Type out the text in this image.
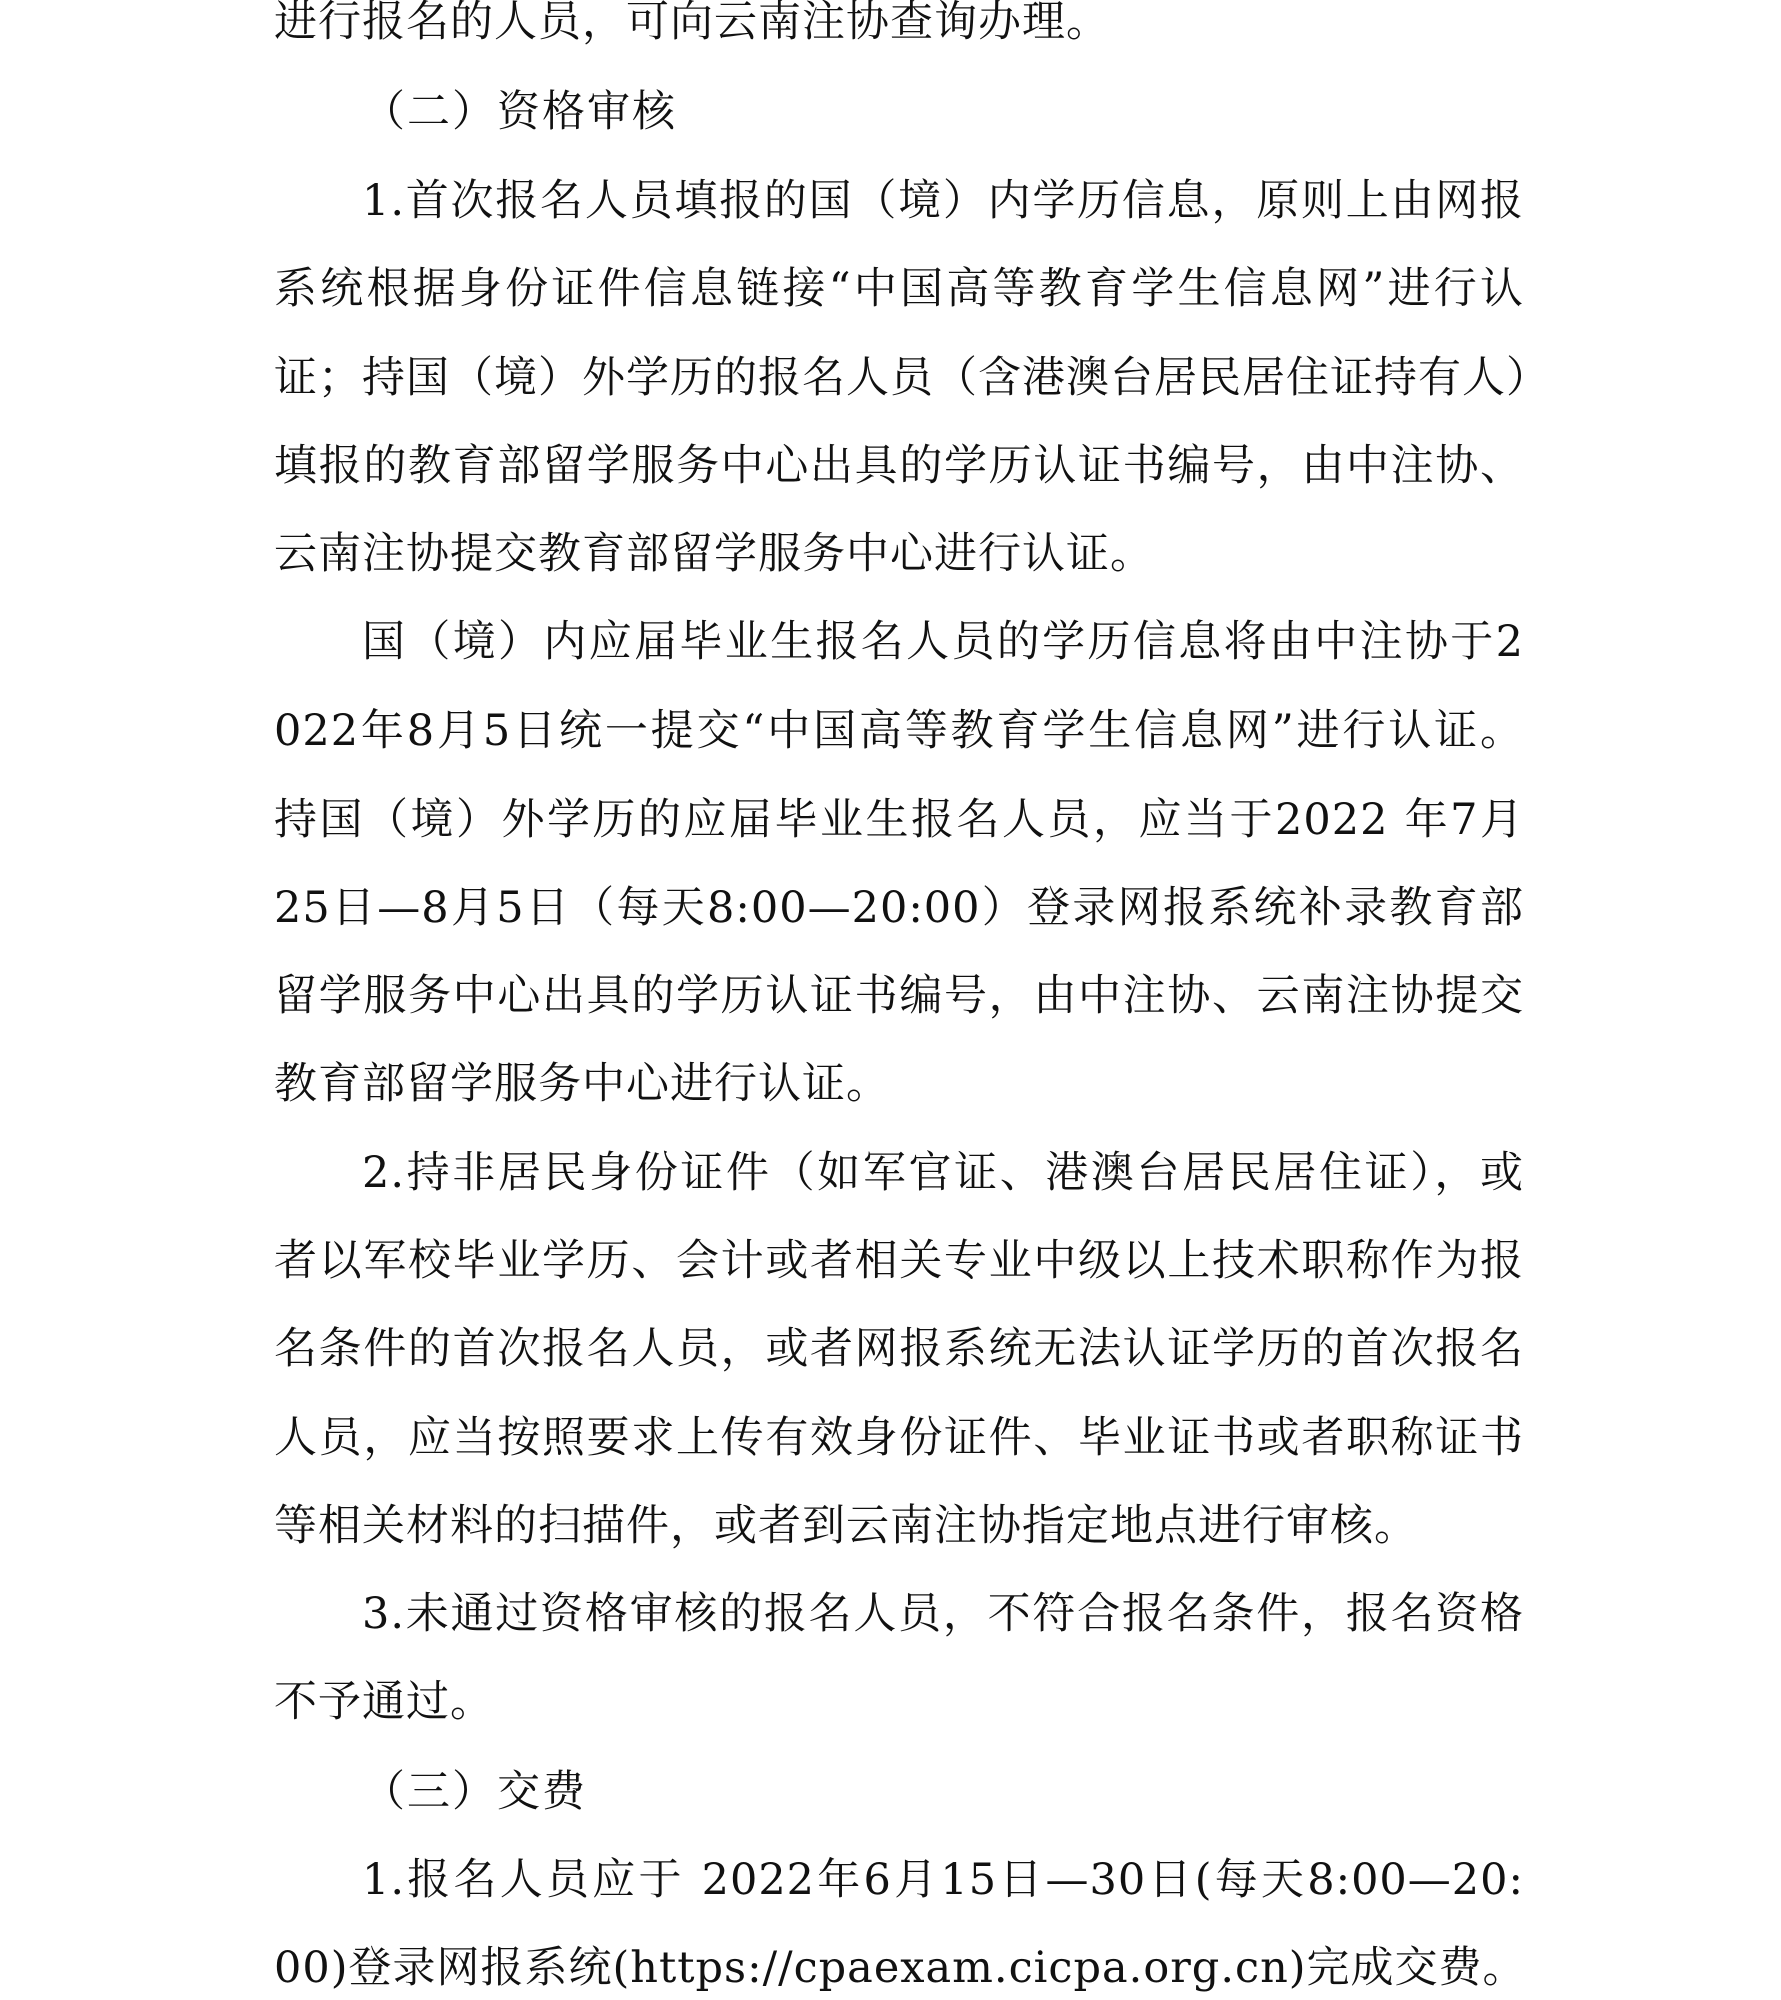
进行报名的人员，可向云南注协查询办理。
（二）资格审核
1.首次报名人员填报的国（境）内学历信息，原则上由网报
系统根据身份证件信息链接“中国高等教育学生信息网”进行认
证；持国（境）外学历的报名人员（含港澳台居民居住证持有人）
填报的教育部留学服务中心出具的学历认证书编号，由中注协、
云南注协提交教育部留学服务中心进行认证。
国（境）内应届毕业生报名人员的学历信息将由中注协于2
022年8月5日统一提交“中国高等教育学生信息网”进行认证。
持国（境）外学历的应届毕业生报名人员，应当于2022 年7月
25日—8月5日（每天8:00—20:00）登录网报系统补录教育部
留学服务中心出具的学历认证书编号，由中注协、云南注协提交
教育部留学服务中心进行认证。
2.持非居民身份证件（如军官证、港澳台居民居住证），或
者以军校毕业学历、会计或者相关专业中级以上技术职称作为报
名条件的首次报名人员，或者网报系统无法认证学历的首次报名
人员，应当按照要求上传有效身份证件、毕业证书或者职称证书
等相关材料的扫描件，或者到云南注协指定地点进行审核。
3.未通过资格审核的报名人员，不符合报名条件，报名资格
不予通过。
（三）交费
1.报名人员应于 2022年6月15日—30日(每天8:00—20:
00)登录网报系统(https://cpaexam.cicpa.org.cn)完成交费。
